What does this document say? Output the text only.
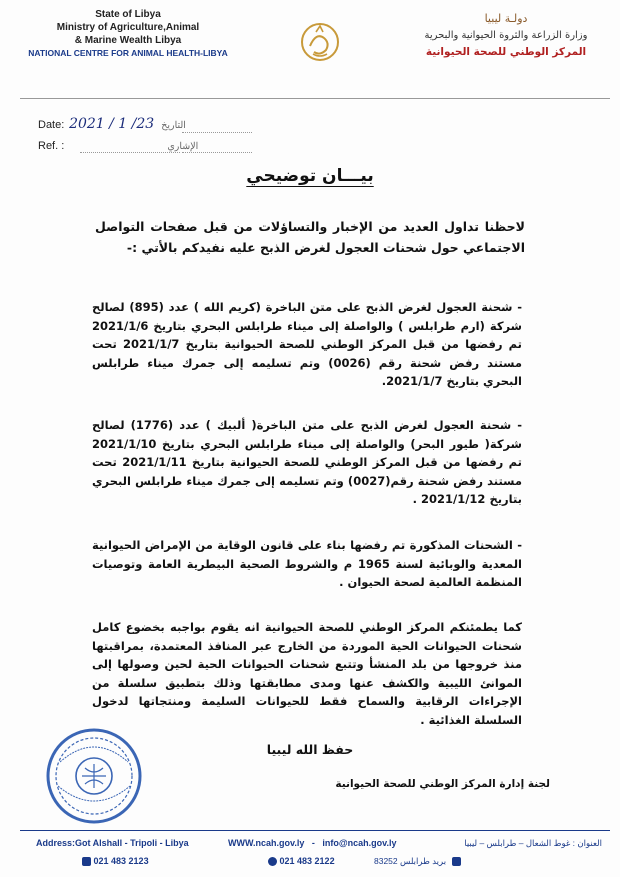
State of Libya
Ministry of Agriculture,Animal
& Marine Wealth Libya
NATIONAL CENTRE FOR ANIMAL HEALTH-LIBYA
دولـة ليبيا
وزارة الزراعة والثروة الحيوانية والبحرية
المركز الوطني للصحة الحيوانية
Date: 2021 / 1 /23 التاريخ
Ref. :	الإشاري
بيـــان توضيحي
لاحظنا تداول العديد من الإخبار والتساؤلات من قبل صفحات التواصل الاجتماعي حول شحنات العجول لغرض الذبح عليه نفيدكم بالأتي :-
- شحنة العجول لغرض الذبح على متن الباخرة (كريم الله ) عدد (895) لصالح شركة (ارم طرابلس ) والواصلة إلى ميناء طرابلس البحري بتاريخ 2021/1/6 تم رفضها من قبل المركز الوطني للصحة الحيوانية بتاريخ 2021/1/7 تحت مستند رفض شحنة رقم (0026) وتم تسليمه إلى جمرك ميناء طرابلس البحري بتاريخ 2021/1/7.
- شحنة العجول لغرض الذبح على متن الباخرة( ألبيك ) عدد (1776) لصالح شركة( طيور البحر) والواصلة إلى ميناء طرابلس البحري بتاريخ 2021/1/10 تم رفضها من قبل المركز الوطني للصحة الحيوانية بتاريخ 2021/1/11 تحت مستند رفض شحنة رقم(0027) وتم تسليمه إلى جمرك ميناء طرابلس البحري بتاريخ 2021/1/12 .
- الشحنات المذكورة تم رفضها بناء على قانون الوقاية من الإمراض الحيوانية المعدية والوبائية لسنة 1965 م والشروط الصحية البيطرية العامة وتوصيات المنظمة العالمية لصحة الحيوان .
كما يطمئنكم المركز الوطني للصحة الحيوانية انه يقوم بواجبه بخضوع كامل شحنات الحيوانات الحية الموردة من الخارج عبر المنافذ المعتمدة، بمراقبتها منذ خروجها من بلد المنشأ وتتبع شحنات الحيوانات الحية لحين وصولها إلى الموانئ الليبية والكشف عنها ومدى مطابقتها وذلك بتطبيق سلسلة من الإجراءات الرقابية والسماح فقط للحيوانات السليمة ومنتجاتها لدخول السلسلة الغذائية .
حفظ الله ليبيا
لجنة إدارة المركز الوطني للصحة الحيوانية
Address:Got Alshall - Tripoli - Libya	WWW.ncah.gov.ly   -   info@ncah.gov.ly	العنوان : غوط الشعال – طرابلس – ليبيا
021 483 2123	021 483 2122	بريد طرابلس 83252
